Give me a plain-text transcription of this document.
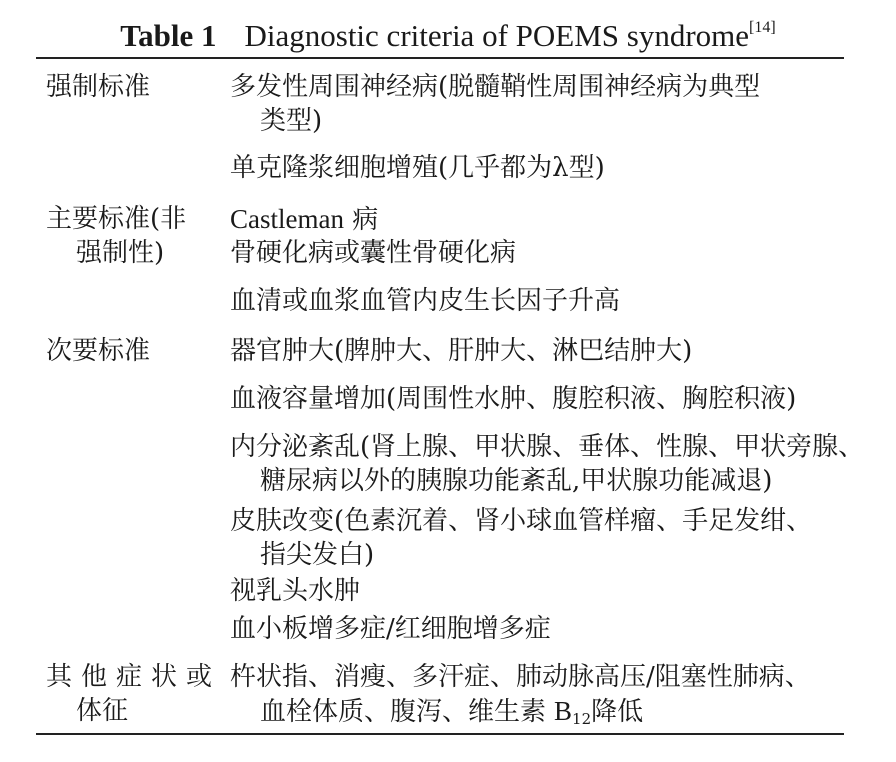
Table 1 Diagnostic criteria of POEMS syndrome[14]
强制标准	多发性周围神经病(脱髓鞘性周围神经病为典型
类型)
单克隆浆细胞增殖(几乎都为λ型)
主要标准(非
强制性)
Castleman 病
骨硬化病或囊性骨硬化病
血清或血浆血管内皮生长因子升高
次要标准	器官肿大(脾肿大、肝肿大、淋巴结肿大)
血液容量增加(周围性水肿、腹腔积液、胸腔积液)
内分泌紊乱(肾上腺、甲状腺、垂体、性腺、甲状旁腺、
糖尿病以外的胰腺功能紊乱,甲状腺功能减退)
皮肤改变(色素沉着、肾小球血管样瘤、手足发绀、
指尖发白)
视乳头水肿
血小板增多症/红细胞增多症
其他症状或
体征
杵状指、消瘦、多汗症、肺动脉高压/阻塞性肺病、
血栓体质、腹泻、维生素 $B_{12}$降低
